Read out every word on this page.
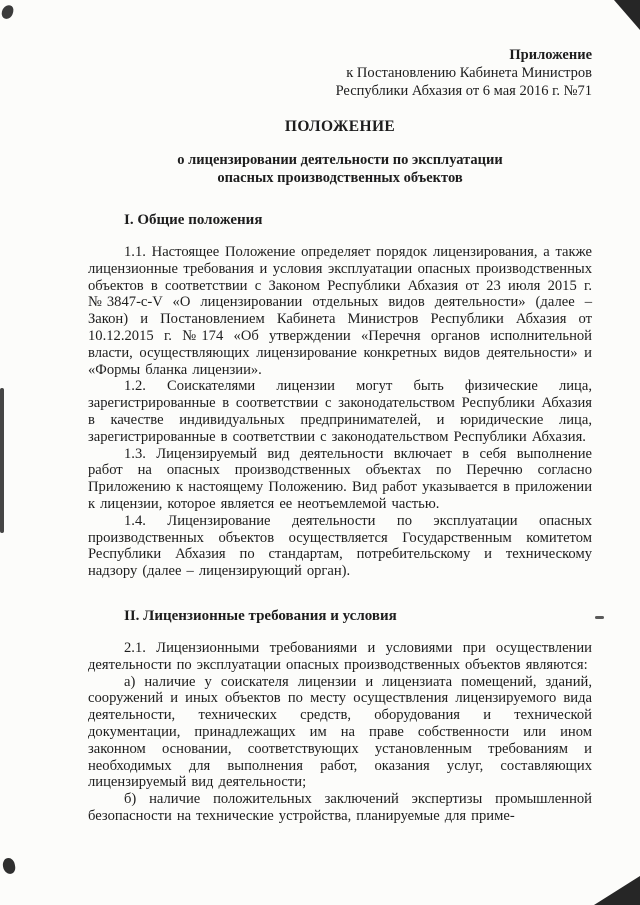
Приложение
к Постановлению Кабинета Министров
Республики Абхазия от 6 мая 2016 г. №71
ПОЛОЖЕНИЕ
о лицензировании деятельности по эксплуатации
опасных производственных объектов
I. Общие положения

1.1. Настоящее Положение определяет порядок лицензирования, а также лицензионные требования и условия эксплуатации опасных производственных объектов в соответствии с Законом Республики Абхазия от 23 июля 2015 г. №3847-с-V «О лицензировании отдельных видов деятельности» (далее – Закон) и Постановлением Кабинета Министров Республики Абхазия от 10.12.2015 г. №174 «Об утверждении «Перечня органов исполнительной власти, осуществляющих лицензирование конкретных видов деятельности» и «Формы бланка лицензии».

1.2. Соискателями лицензии могут быть физические лица, зарегистрированные в соответствии с законодательством Республики Абхазия в качестве индивидуальных предпринимателей, и юридические лица, зарегистрированные в соответствии с законодательством Республики Абхазия.

1.3. Лицензируемый вид деятельности включает в себя выполнение работ на опасных производственных объектах по Перечню согласно Приложению к настоящему Положению. Вид работ указывается в приложении к лицензии, которое является ее неотъемлемой частью.

1.4. Лицензирование деятельности по эксплуатации опасных производственных объектов осуществляется Государственным комитетом Республики Абхазия по стандартам, потребительскому и техническому надзору (далее – лицензирующий орган).

II. Лицензионные требования и условия

2.1. Лицензионными требованиями и условиями при осуществлении деятельности по эксплуатации опасных производственных объектов являются:

а) наличие у соискателя лицензии и лицензиата помещений, зданий, сооружений и иных объектов по месту осуществления лицензируемого вида деятельности, технических средств, оборудования и технической документации, принадлежащих им на праве собственности или ином законном основании, соответствующих установленным требованиям и необходимых для выполнения работ, оказания услуг, составляющих лицензируемый вид деятельности;

б) наличие положительных заключений экспертизы промышленной безопасности на технические устройства, планируемые для приме-
